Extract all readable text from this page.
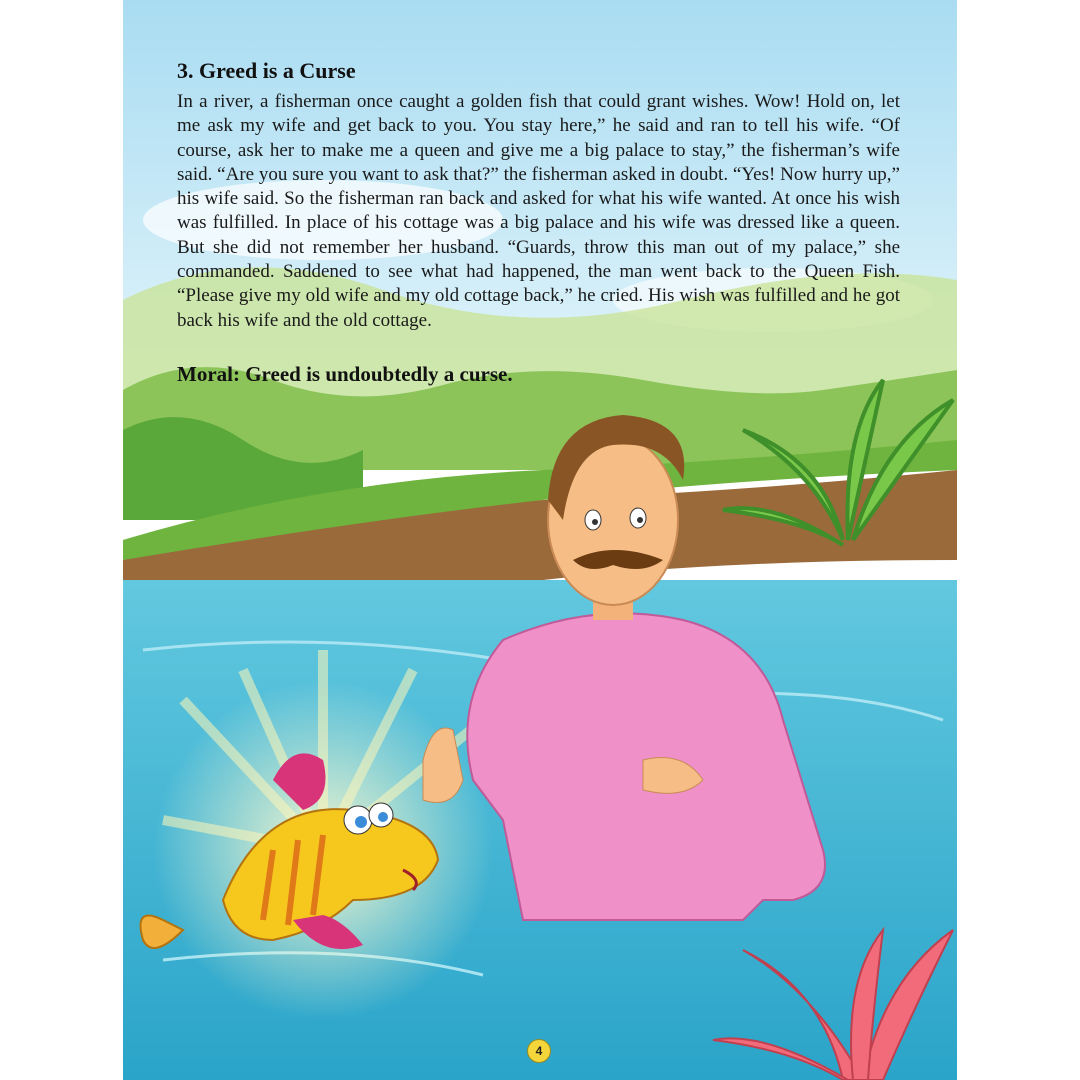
3. Greed is a Curse

In a river, a fisherman once caught a golden fish that could grant wishes. Wow! Hold on, let me ask my wife and get back to you. You stay here,” he said and ran to tell his wife. “Of course, ask her to make me a queen and give me a big palace to stay,” the fisherman’s wife said. “Are you sure you want to ask that?” the fisherman asked in doubt. “Yes! Now hurry up,” his wife said. So the fisherman ran back and asked for what his wife wanted. At once his wish was fulfilled. In place of his cottage was a big palace and his wife was dressed like a queen. But she did not remember her husband. “Guards, throw this man out of my palace,” she commanded. Saddened to see what had happened, the man went back to the Queen Fish. “Please give my old wife and my old cottage back,” he cried. His wish was fulfilled and he got back his wife and the old cottage.

Moral: Greed is undoubtedly a curse.

4
